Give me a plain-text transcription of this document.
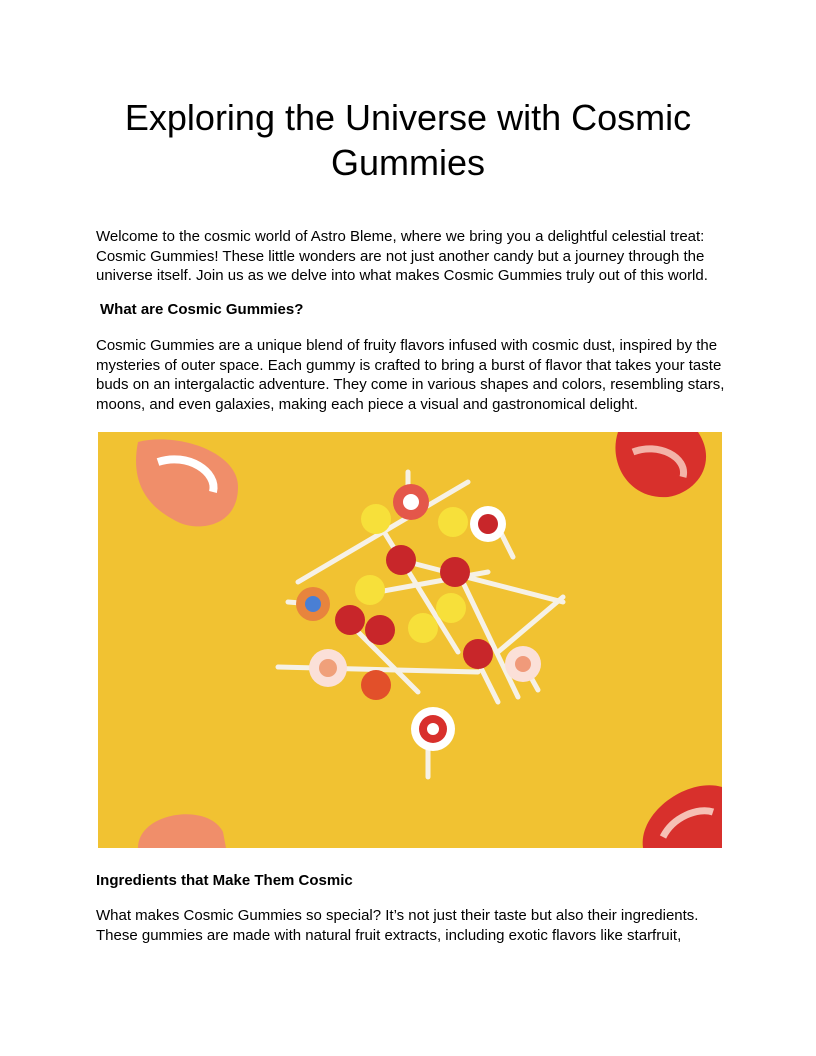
Exploring the Universe with Cosmic
Gummies
Welcome to the cosmic world of Astro Bleme, where we bring you a delightful celestial treat:
Cosmic Gummies! These little wonders are not just another candy but a journey through the
universe itself. Join us as we delve into what makes Cosmic Gummies truly out of this world.
What are Cosmic Gummies?
Cosmic Gummies are a unique blend of fruity flavors infused with cosmic dust, inspired by the
mysteries of outer space. Each gummy is crafted to bring a burst of flavor that takes your taste
buds on an intergalactic adventure. They come in various shapes and colors, resembling stars,
moons, and even galaxies, making each piece a visual and gastronomical delight.
Ingredients that Make Them Cosmic
What makes Cosmic Gummies so special? It’s not just their taste but also their ingredients.
These gummies are made with natural fruit extracts, including exotic flavors like starfruit,
